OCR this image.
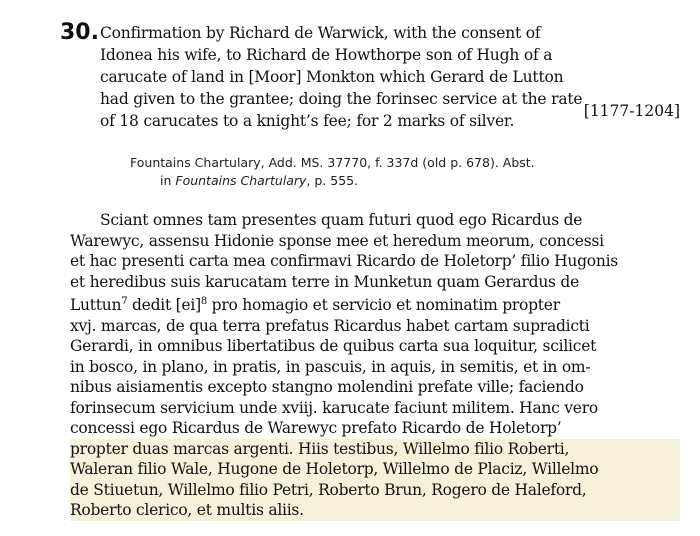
30. Confirmation by Richard de Warwick, with the consent of
Idonea his wife, to Richard de Howthorpe son of Hugh of a
carucate of land in [Moor] Monkton which Gerard de Lutton
had given to the grantee; doing the forinsec service at the rate
of 18 carucates to a knight’s fee; for 2 marks of silver.
[1177-1204]
Fountains Chartulary, Add. MS. 37770, f. 337d (old p. 678). Abst.
in Fountains Chartulary, p. 555.
Sciant omnes tam presentes quam futuri quod ego Ricardus de
Warewyc, assensu Hidonie sponse mee et heredum meorum, concessi
et hac presenti carta mea confirmavi Ricardo de Holetorp’ filio Hugonis
et heredibus suis karucatam terre in Munketun quam Gerardus de
Luttun$^7$ dedit [ei]$^8$ pro homagio et servicio et nominatim propter
xvj. marcas, de qua terra prefatus Ricardus habet cartam supradicti
Gerardi, in omnibus libertatibus de quibus carta sua loquitur, scilicet
in bosco, in plano, in pratis, in pascuis, in aquis, in semitis, et in om-
nibus aisiamentis excepto stangno molendini prefate ville; faciendo
forinsecum servicium unde xviij. karucate faciunt militem. Hanc vero
concessi ego Ricardus de Warewyc prefato Ricardo de Holetorp’
propter duas marcas argenti. Hiis testibus, Willelmo filio Roberti,
Waleran filio Wale, Hugone de Holetorp, Willelmo de Placiz, Willelmo
de Stiuetun, Willelmo filio Petri, Roberto Brun, Rogero de Haleford,
Roberto clerico, et multis aliis.
